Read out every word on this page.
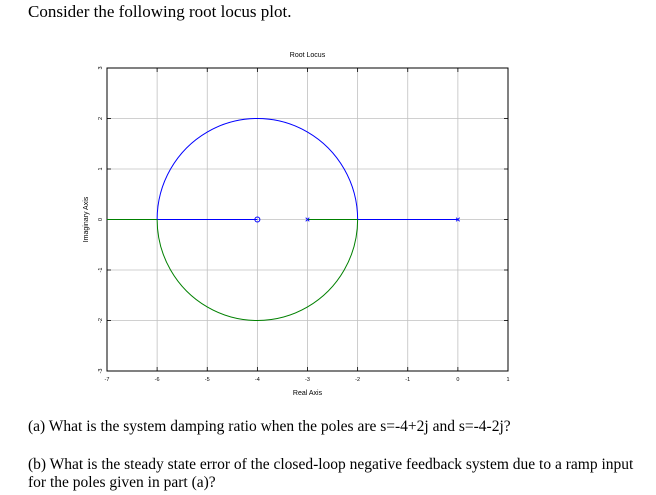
Consider the following root locus plot.

-7	-6	-5	-4	-3	-2	-1	0	1
-3
-2
-1
0
1
2
3
Root Locus
Real Axis
Imaginary Axis

(a) What is the system damping ratio when the poles are s=-4+2j and s=-4-2j?

(b) What is the steady state error of the closed-loop negative feedback system due to a ramp input for the poles given in part (a)?
